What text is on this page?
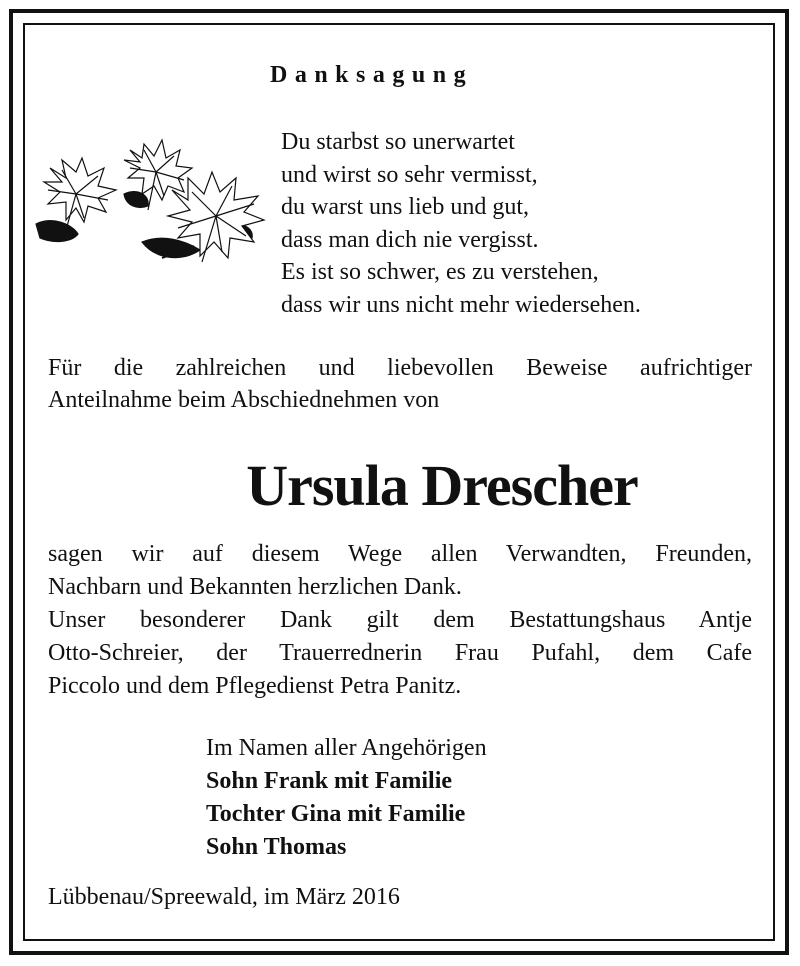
Danksagung
Du starbst so unerwartet
und wirst so sehr vermisst,
du warst uns lieb und gut,
dass man dich nie vergisst.
Es ist so schwer, es zu verstehen,
dass wir uns nicht mehr wiedersehen.
Für die zahlreichen und liebevollen Beweise aufrichtiger
Anteilnahme beim Abschiednehmen von
Ursula Drescher
sagen wir auf diesem Wege allen Verwandten, Freunden,
Nachbarn und Bekannten herzlichen Dank.
Unser besonderer Dank gilt dem Bestattungshaus Antje
Otto-Schreier, der Trauerrednerin Frau Pufahl, dem Cafe
Piccolo und dem Pflegedienst Petra Panitz.
Im Namen aller Angehörigen
Sohn Frank mit Familie
Tochter Gina mit Familie
Sohn Thomas
Lübbenau/Spreewald, im März 2016
